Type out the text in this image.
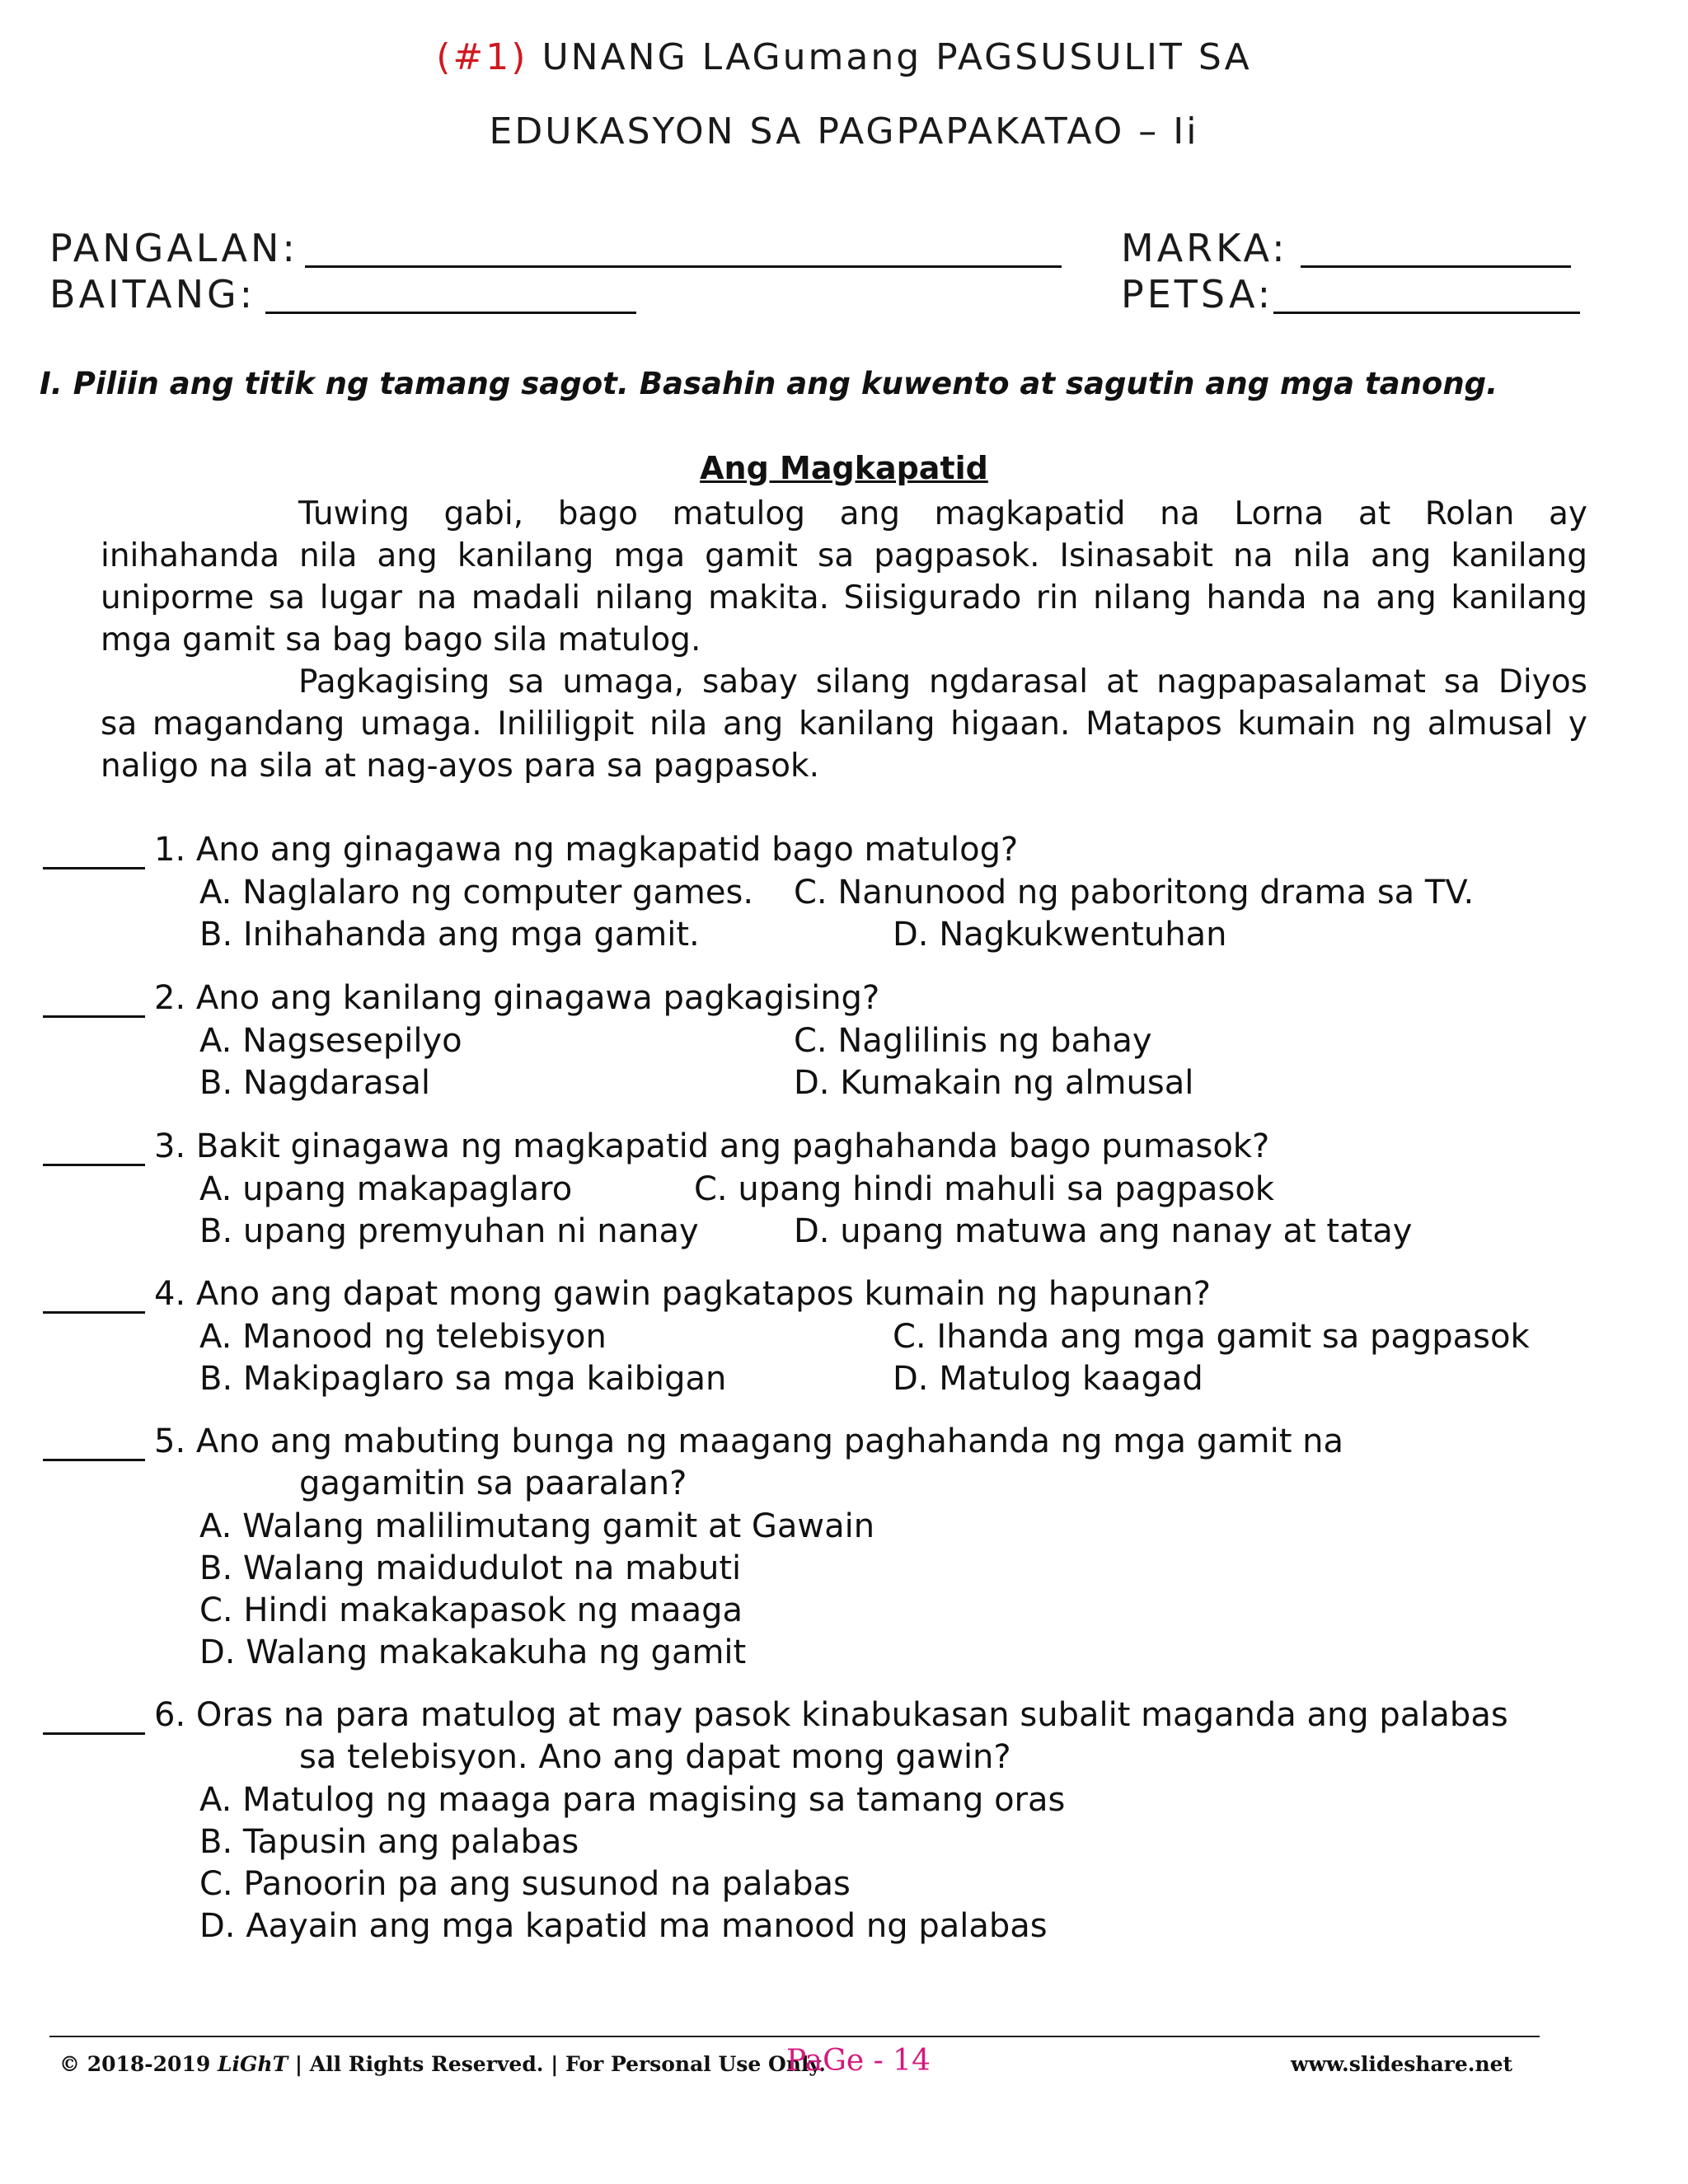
(#1) UNANG LAGumang PAGSUSULIT SA
EDUKASYON SA PAGPAPAKATAO – Ii
PANGALAN:	MARKA:
BAITANG:	PETSA:
I. Piliin ang titik ng tamang sagot. Basahin ang kuwento at sagutin ang mga tanong.
Ang Magkapatid
Tuwing gabi, bago matulog ang magkapatid na Lorna at Rolan ay
inihahanda nila ang kanilang mga gamit sa pagpasok. Isinasabit na nila ang kanilang
uniporme sa lugar na madali nilang makita. Siisigurado rin nilang handa na ang kanilang
mga gamit sa bag bago sila matulog.
Pagkagising sa umaga, sabay silang ngdarasal at nagpapasalamat sa Diyos
sa magandang umaga. Inililigpit nila ang kanilang higaan. Matapos kumain ng almusal y
naligo na sila at nag-ayos para sa pagpasok.
1. Ano ang ginagawa ng magkapatid bago matulog?
A. Naglalaro ng computer games. C. Nanunood ng paboritong drama sa TV.
B. Inihahanda ang mga gamit.	D. Nagkukwentuhan
2. Ano ang kanilang ginagawa pagkagising?
A. Nagsesepilyo	C. Naglilinis ng bahay
B. Nagdarasal	D. Kumakain ng almusal
3. Bakit ginagawa ng magkapatid ang paghahanda bago pumasok?
A. upang makapaglaro	C. upang hindi mahuli sa pagpasok
B. upang premyuhan ni nanay	D. upang matuwa ang nanay at tatay
4. Ano ang dapat mong gawin pagkatapos kumain ng hapunan?
A. Manood ng telebisyon	C. Ihanda ang mga gamit sa pagpasok
B. Makipaglaro sa mga kaibigan	D. Matulog kaagad
5. Ano ang mabuting bunga ng maagang paghahanda ng mga gamit na
gagamitin sa paaralan?
A. Walang malilimutang gamit at Gawain
B. Walang maidudulot na mabuti
C. Hindi makakapasok ng maaga
D. Walang makakakuha ng gamit
6. Oras na para matulog at may pasok kinabukasan subalit maganda ang palabas
sa telebisyon. Ano ang dapat mong gawin?
A. Matulog ng maaga para magising sa tamang oras
B. Tapusin ang palabas
C. Panoorin pa ang susunod na palabas
D. Aayain ang mga kapatid ma manood ng palabas
© 2018-2019 LiGhT | All Rights Reserved. | For Personal Use Only.
PaGe - 14	www.slideshare.net
